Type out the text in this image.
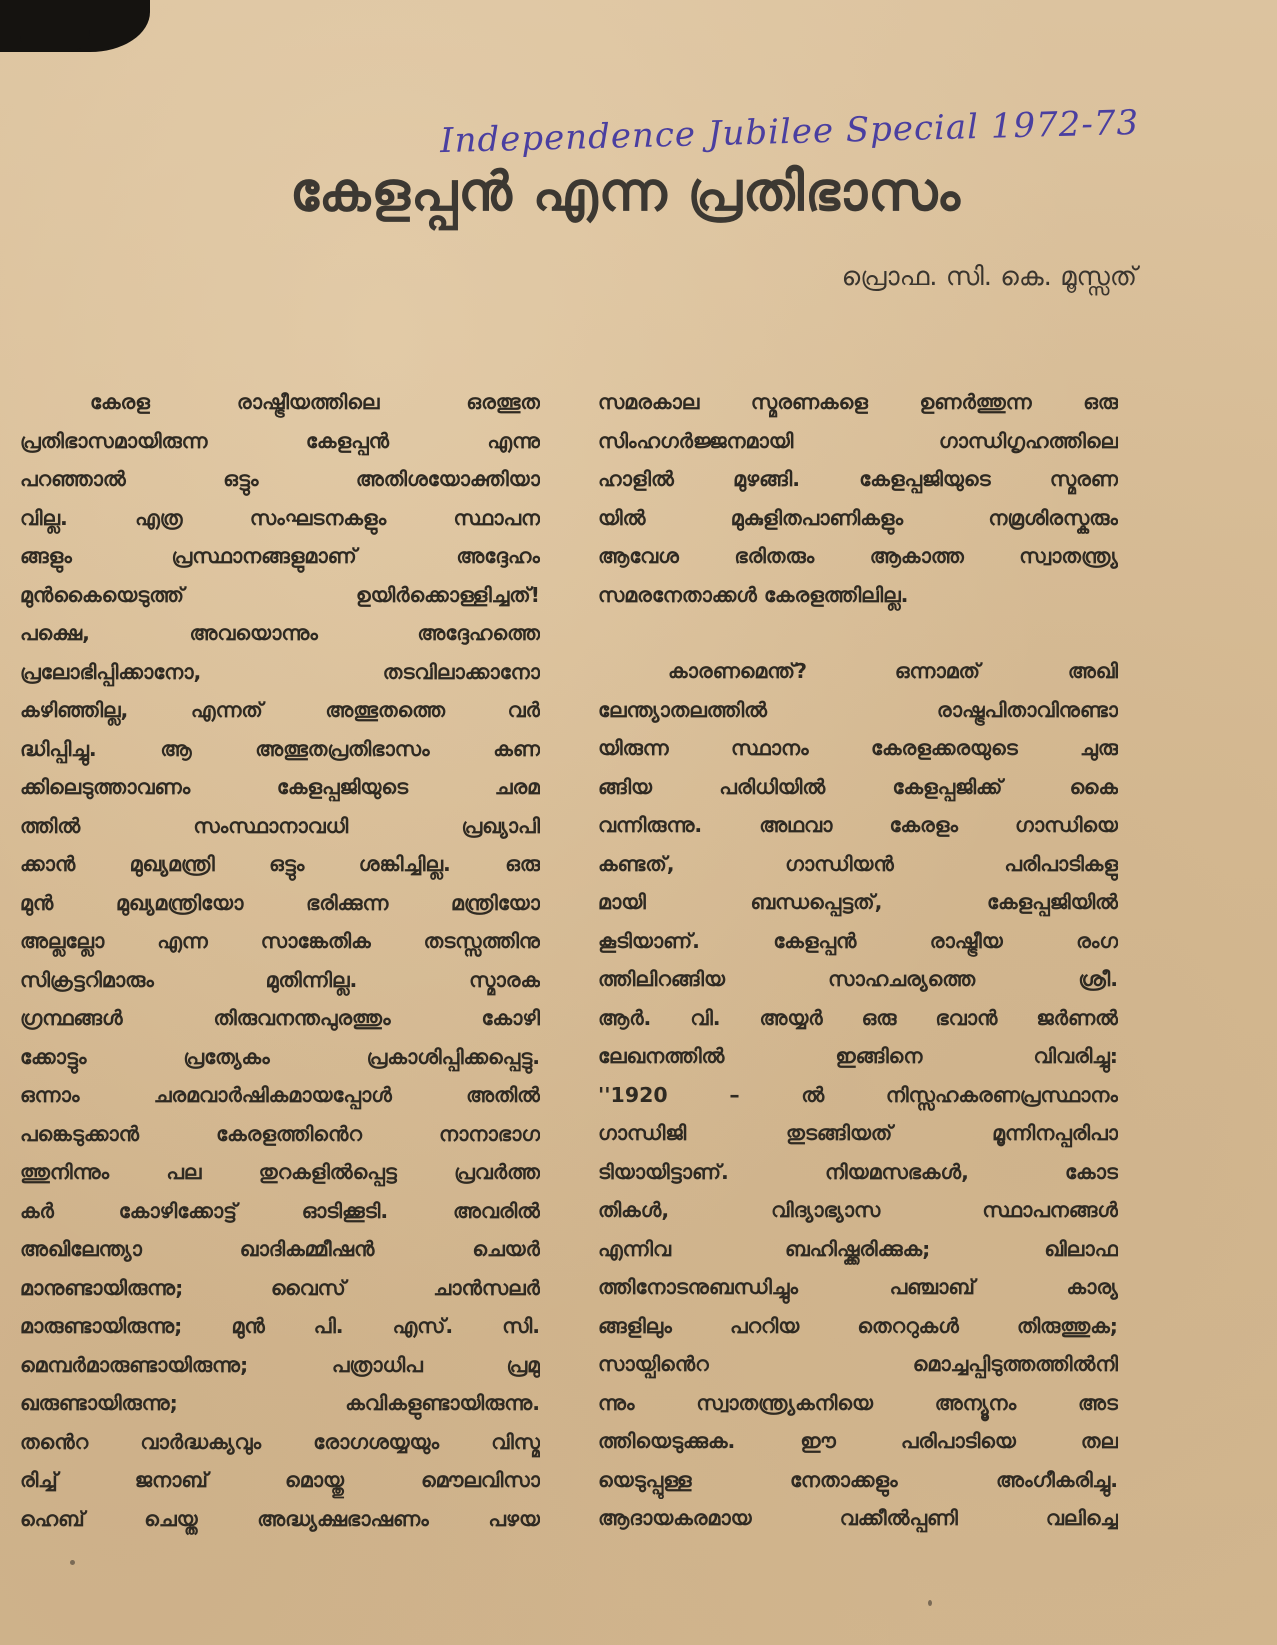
Independence Jubilee Special 1972-73
കേളപ്പൻ എന്ന പ്രതിഭാസം
പ്രൊഫ. സി. കെ. മൂസ്സത്
കേരള രാഷ്ട്രീയത്തിലെ ഒരത്ഭുത
പ്രതിഭാസമായിരുന്ന കേളപ്പൻ എന്നു
പറഞ്ഞാൽ ഒട്ടും അതിശയോക്തിയാ
വില്ല. എത്ര സംഘടനകളും സ്ഥാപന
ങ്ങളും പ്രസ്ഥാനങ്ങളുമാണ് അദ്ദേഹം
മുൻകൈയെടുത്ത് ഉയിർക്കൊള്ളിച്ചത്!
പക്ഷെ, അവയൊന്നും അദ്ദേഹത്തെ
പ്രലോഭിപ്പിക്കാനോ, തടവിലാക്കാനോ
കഴിഞ്ഞില്ല, എന്നത് അത്ഭുതത്തെ വർ
ദ്ധിപ്പിച്ചു. ആ അത്ഭുതപ്രതിഭാസം കണ
ക്കിലെടുത്താവണം കേളപ്പജിയുടെ ചരമ
ത്തിൽ സംസ്ഥാനാവധി പ്രഖ്യാപി
ക്കാൻ മുഖ്യമന്ത്രി ഒട്ടും ശങ്കിച്ചില്ല. ഒരു
മുൻ മുഖ്യമന്ത്രിയോ ഭരിക്കുന്ന മന്ത്രിയോ
അല്ലല്ലോ എന്ന സാങ്കേതിക തടസ്സത്തിനു
സിക്രട്ടറിമാരും മുതിന്നില്ല. സ്മാരക
ഗ്രന്ഥങ്ങൾ തിരുവനന്തപുരത്തും കോഴി
ക്കോട്ടും പ്രത്യേകം പ്രകാശിപ്പിക്കപ്പെട്ടു.
ഒന്നാം ചരമവാർഷികമായപ്പോൾ അതിൽ
പങ്കെടുക്കാൻ കേരളത്തിൻെറ നാനാഭാഗ
ത്തുനിന്നും പല തുറകളിൽപ്പെട്ട പ്രവർത്ത
കർ കോഴിക്കോട്ട് ഓടിക്കൂടി. അവരിൽ
അഖിലേന്ത്യാ ഖാദികമ്മീഷൻ ചെയർ
മാനുണ്ടായിരുന്നു; വൈസ് ചാൻസലർ
മാരുണ്ടായിരുന്നു; മുൻ പി. എസ്. സി.
മെമ്പർമാരുണ്ടായിരുന്നു; പത്രാധിപ പ്രമു
ഖരുണ്ടായിരുന്നു; കവികളുണ്ടായിരുന്നു.
തൻെറ വാർദ്ധക്യവും രോഗശയ്യയും വിസ്മ
രിച്ച് ജനാബ് മൊയ്തു മൌലവിസാ
ഹെബ് ചെയ്ത അദ്ധ്യക്ഷഭാഷണം പഴയ
സമരകാല സ്മരണകളെ ഉണർത്തുന്ന ഒരു
സിംഹഗർജ്ജനമായി ഗാന്ധിഗൃഹത്തിലെ
ഹാളിൽ മുഴങ്ങി. കേളപ്പജിയുടെ സ്മരണ
യിൽ മുകുളിതപാണികളും നമ്രശിരസ്കരും
ആവേശ ഭരിതരും ആകാത്ത സ്വാതന്ത്ര്യ
സമരനേതാക്കൾ കേരളത്തിലില്ല.
കാരണമെന്ത്? ഒന്നാമത് അഖി
ലേന്ത്യാതലത്തിൽ രാഷ്ട്രപിതാവിനുണ്ടാ
യിരുന്ന സ്ഥാനം കേരളക്കരയുടെ ചുരു
ങ്ങിയ പരിധിയിൽ കേളപ്പജിക്ക് കൈ
വന്നിരുന്നു. അഥവാ കേരളം ഗാന്ധിയെ
കണ്ടത്, ഗാന്ധിയൻ പരിപാടികളു
മായി ബന്ധപ്പെട്ടത്, കേളപ്പജിയിൽ
കൂടിയാണ്. കേളപ്പൻ രാഷ്ട്രീയ രംഗ
ത്തിലിറങ്ങിയ സാഹചര്യത്തെ ശ്രീ.
ആർ. വി. അയ്യർ ഒരു ഭവാൻ ജർണൽ
ലേഖനത്തിൽ ഇങ്ങിനെ വിവരിച്ചു:
''1920 – ൽ നിസ്സഹകരണപ്രസ്ഥാനം
ഗാന്ധിജി തുടങ്ങിയത് മൂന്നിനപ്പരിപാ
ടിയായിട്ടാണ്. നിയമസഭകൾ, കോട
തികൾ, വിദ്യാഭ്യാസ സ്ഥാപനങ്ങൾ
എന്നിവ ബഹിഷ്ക്കരിക്കുക; ഖിലാഫ
ത്തിനോടനുബന്ധിച്ചും പഞ്ചാബ് കാര്യ
ങ്ങളിലും പററിയ തെററുകൾ തിരുത്തുക;
സായ്പിൻെറ മൊച്ചപ്പിടുത്തത്തിൽനി
ന്നും സ്വാതന്ത്ര്യകനിയെ അന്യൂനം അട
ത്തിയെടുക്കുക. ഈ പരിപാടിയെ തല
യെടുപ്പുള്ള നേതാക്കളും അംഗീകരിച്ചു.
ആദായകരമായ വക്കീൽപ്പണി വലിച്ചെ
